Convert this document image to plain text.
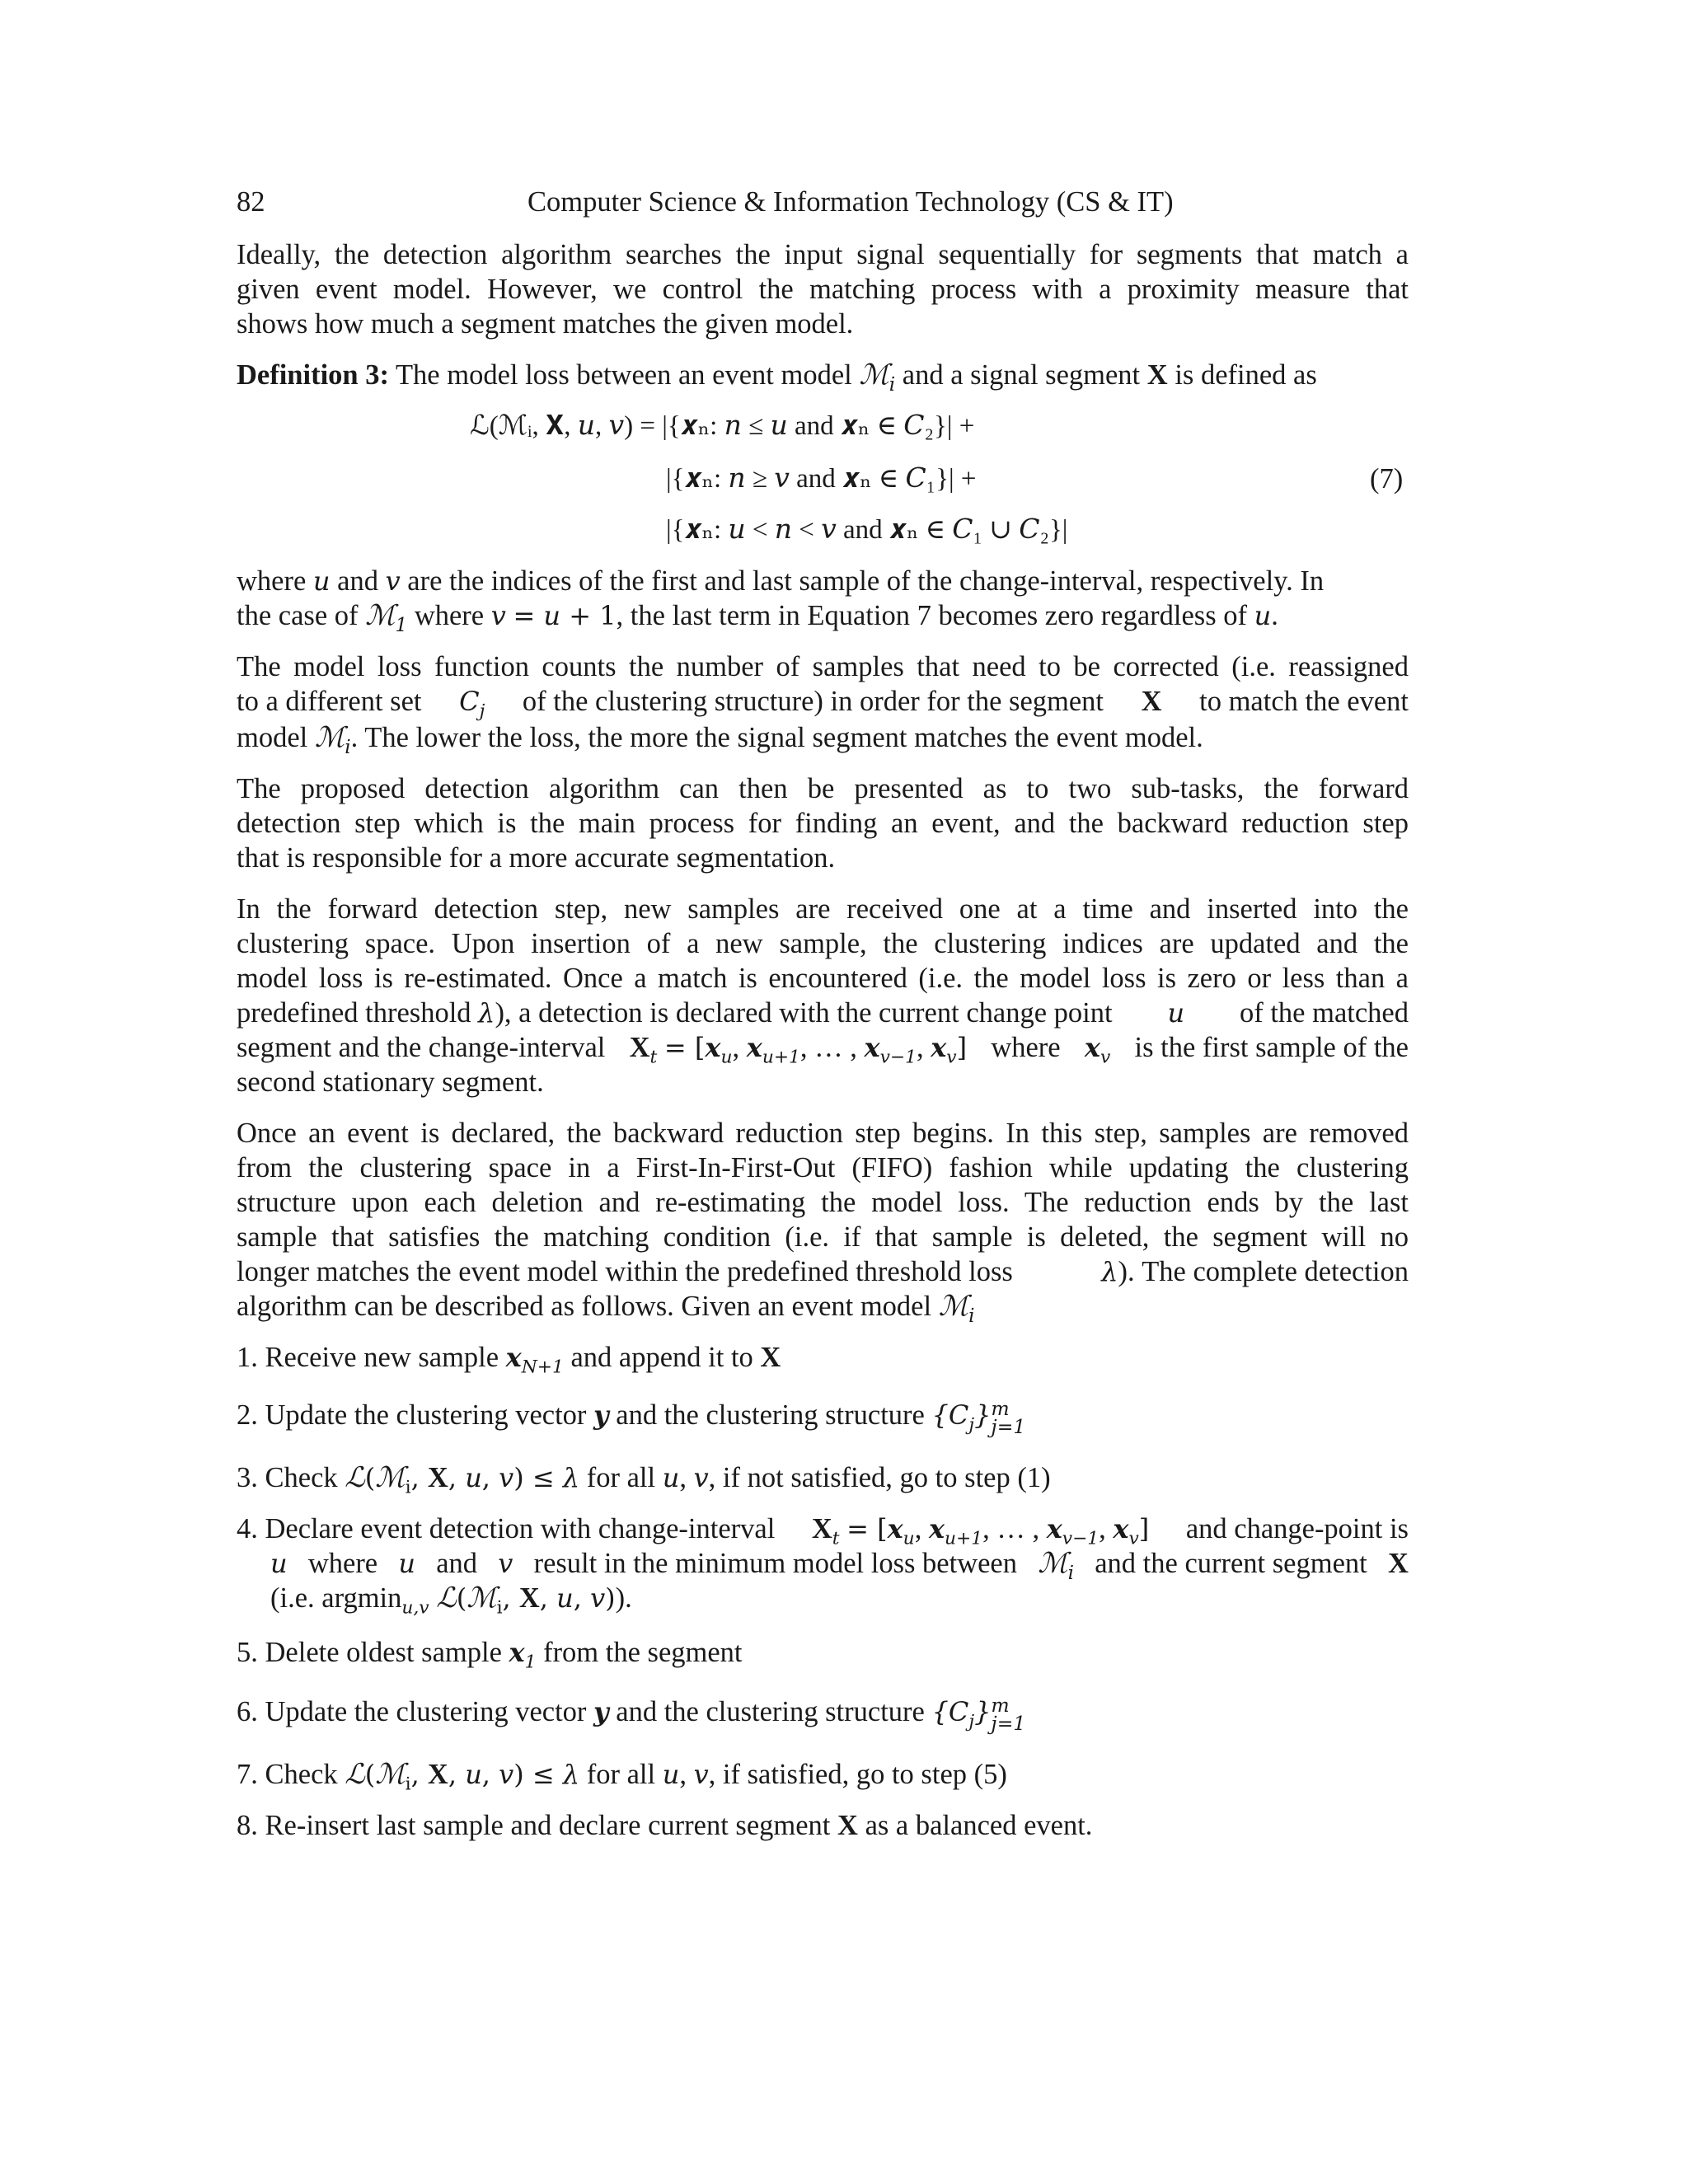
82	Computer Science & Information Technology (CS & IT)
Ideally, the detection algorithm searches the input signal sequentially for segments that match a
given event model. However, we control the matching process with a proximity measure that
shows how much a segment matches the given model.
Definition 3: The model loss between an event model ℳ$_i$ and a signal segment X is defined as
ℒ(ℳᵢ, 𝐗, 𝑢, 𝑣) = |{𝒙ₙ: 𝑛 ≤ 𝑢 and 𝒙ₙ ∈ 𝐶₂}| +
|{𝒙ₙ: 𝑛 ≥ 𝑣 and 𝒙ₙ ∈ 𝐶₁}| +
|{𝒙ₙ: 𝑢 < 𝑛 < 𝑣 and 𝒙ₙ ∈ 𝐶₁ ∪ 𝐶₂}|
(7)
where u and v are the indices of the first and last sample of the change-interval, respectively. In
the case of ℳ$_1$ where v = u + 1, the last term in Equation 7 becomes zero regardless of u.
The model loss function counts the number of samples that need to be corrected (i.e. reassigned
to a different set $C_j$ of the clustering structure) in order for the segment X to match the event
model ℳ$_i$. The lower the loss, the more the signal segment matches the event model.
The proposed detection algorithm can then be presented as to two sub-tasks, the forward
detection step which is the main process for finding an event, and the backward reduction step
that is responsible for a more accurate segmentation.
In the forward detection step, new samples are received one at a time and inserted into the
clustering space. Upon insertion of a new sample, the clustering indices are updated and the
model loss is re-estimated. Once a match is encountered (i.e. the model loss is zero or less than a
predefined threshold λ), a detection is declared with the current change point u of the matched
segment and the change-interval $X_t = [x_u$, $x_{u+1}$, … , $x_{v-1}$, $x_v$] where $x_v$ is the first sample of the
second stationary segment.
Once an event is declared, the backward reduction step begins. In this step, samples are removed
from the clustering space in a First-In-First-Out (FIFO) fashion while updating the clustering
structure upon each deletion and re-estimating the model loss. The reduction ends by the last
sample that satisfies the matching condition (i.e. if that sample is deleted, the segment will no
longer matches the event model within the predefined threshold loss	λ). The complete detection
algorithm can be described as follows. Given an event model ℳ$_i$
1. Receive new sample $x_{N+1}$ and append it to X
2. Update the clustering vector y and the clustering structure $\{C_j\}$ m
j=1
3. Check ℒ(ℳ$_i$, X, u, v) ≤ λ for all u, v, if not satisfied, go to step (1)
4. Declare event detection with change-interval $X_t = [x_u$, $x_{u+1}$, … , $x_{v-1}$, $x_v$] and change-point is
u where u and v result in the minimum model loss between ℳ$_i$ and the current segment X
(i.e. argmin$_{u,v}$ ℒ(ℳ$_i$, X, u, v)).
5. Delete oldest sample $x_1$ from the segment
6. Update the clustering vector y and the clustering structure $\{C_j\}$ m
j=1
7. Check ℒ(ℳ$_i$, X, u, v) ≤ λ for all u, v, if satisfied, go to step (5)
8. Re-insert last sample and declare current segment X as a balanced event.
